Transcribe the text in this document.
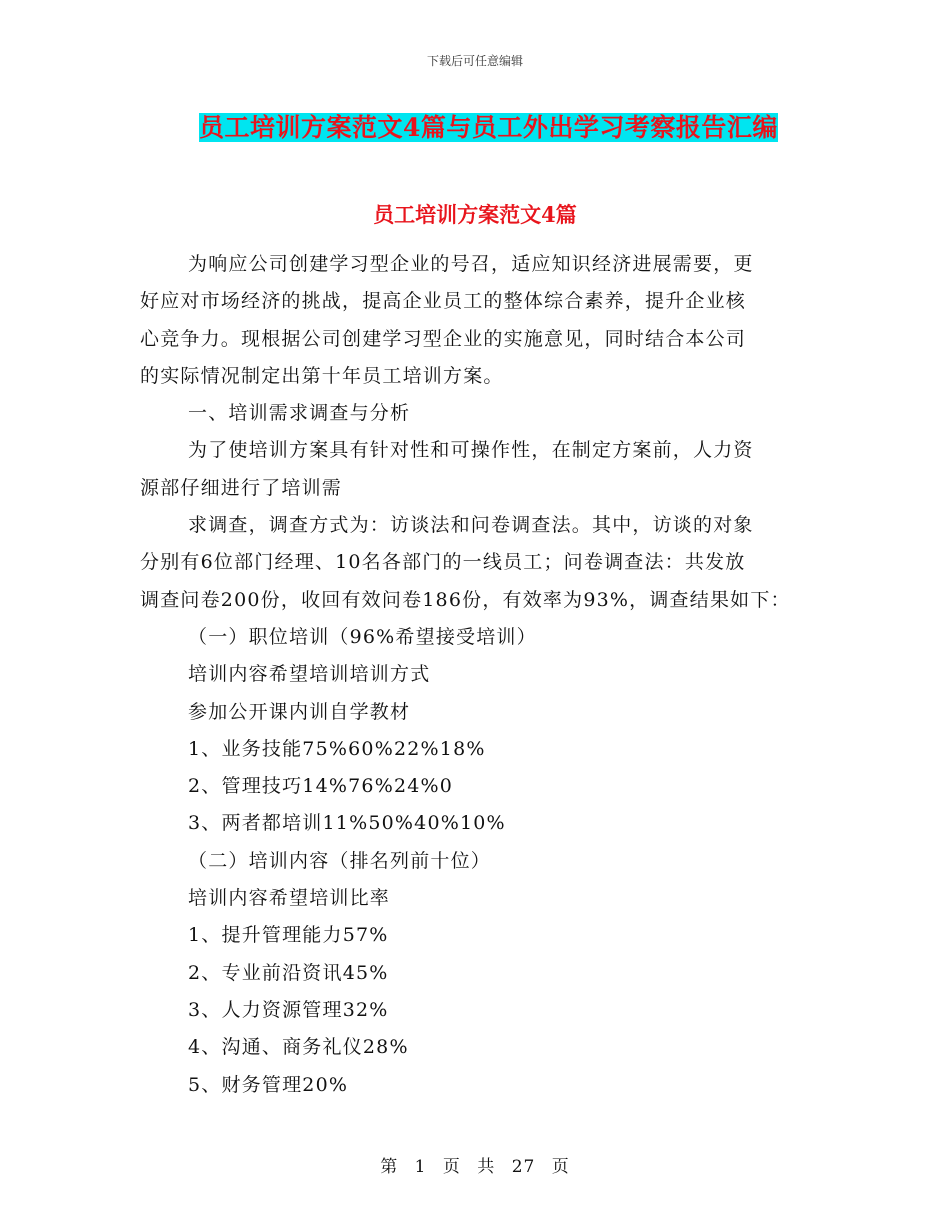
下载后可任意编辑
员工培训方案范文4篇与员工外出学习考察报告汇编
员工培训方案范文4篇

为响应公司创建学习型企业的号召，适应知识经济进展需要，更

好应对市场经济的挑战，提高企业员工的整体综合素养，提升企业核

心竞争力。现根据公司创建学习型企业的实施意见，同时结合本公司

的实际情况制定出第十年员工培训方案。

一、培训需求调查与分析

为了使培训方案具有针对性和可操作性，在制定方案前，人力资

源部仔细进行了培训需

求调查，调查方式为：访谈法和问卷调查法。其中，访谈的对象

分别有6位部门经理、10名各部门的一线员工；问卷调查法：共发放

调查问卷200份，收回有效问卷186份，有效率为93%，调查结果如下：

（一）职位培训（96%希望接受培训）

培训内容希望培训培训方式

参加公开课内训自学教材

1、业务技能75%60%22%18%

2、管理技巧14%76%24%0

3、两者都培训11%50%40%10%

（二）培训内容（排名列前十位）

培训内容希望培训比率

1、提升管理能力57%

2、专业前沿资讯45%

3、人力资源管理32%

4、沟通、商务礼仪28%

5、财务管理20%

第 1 页 共 27 页
